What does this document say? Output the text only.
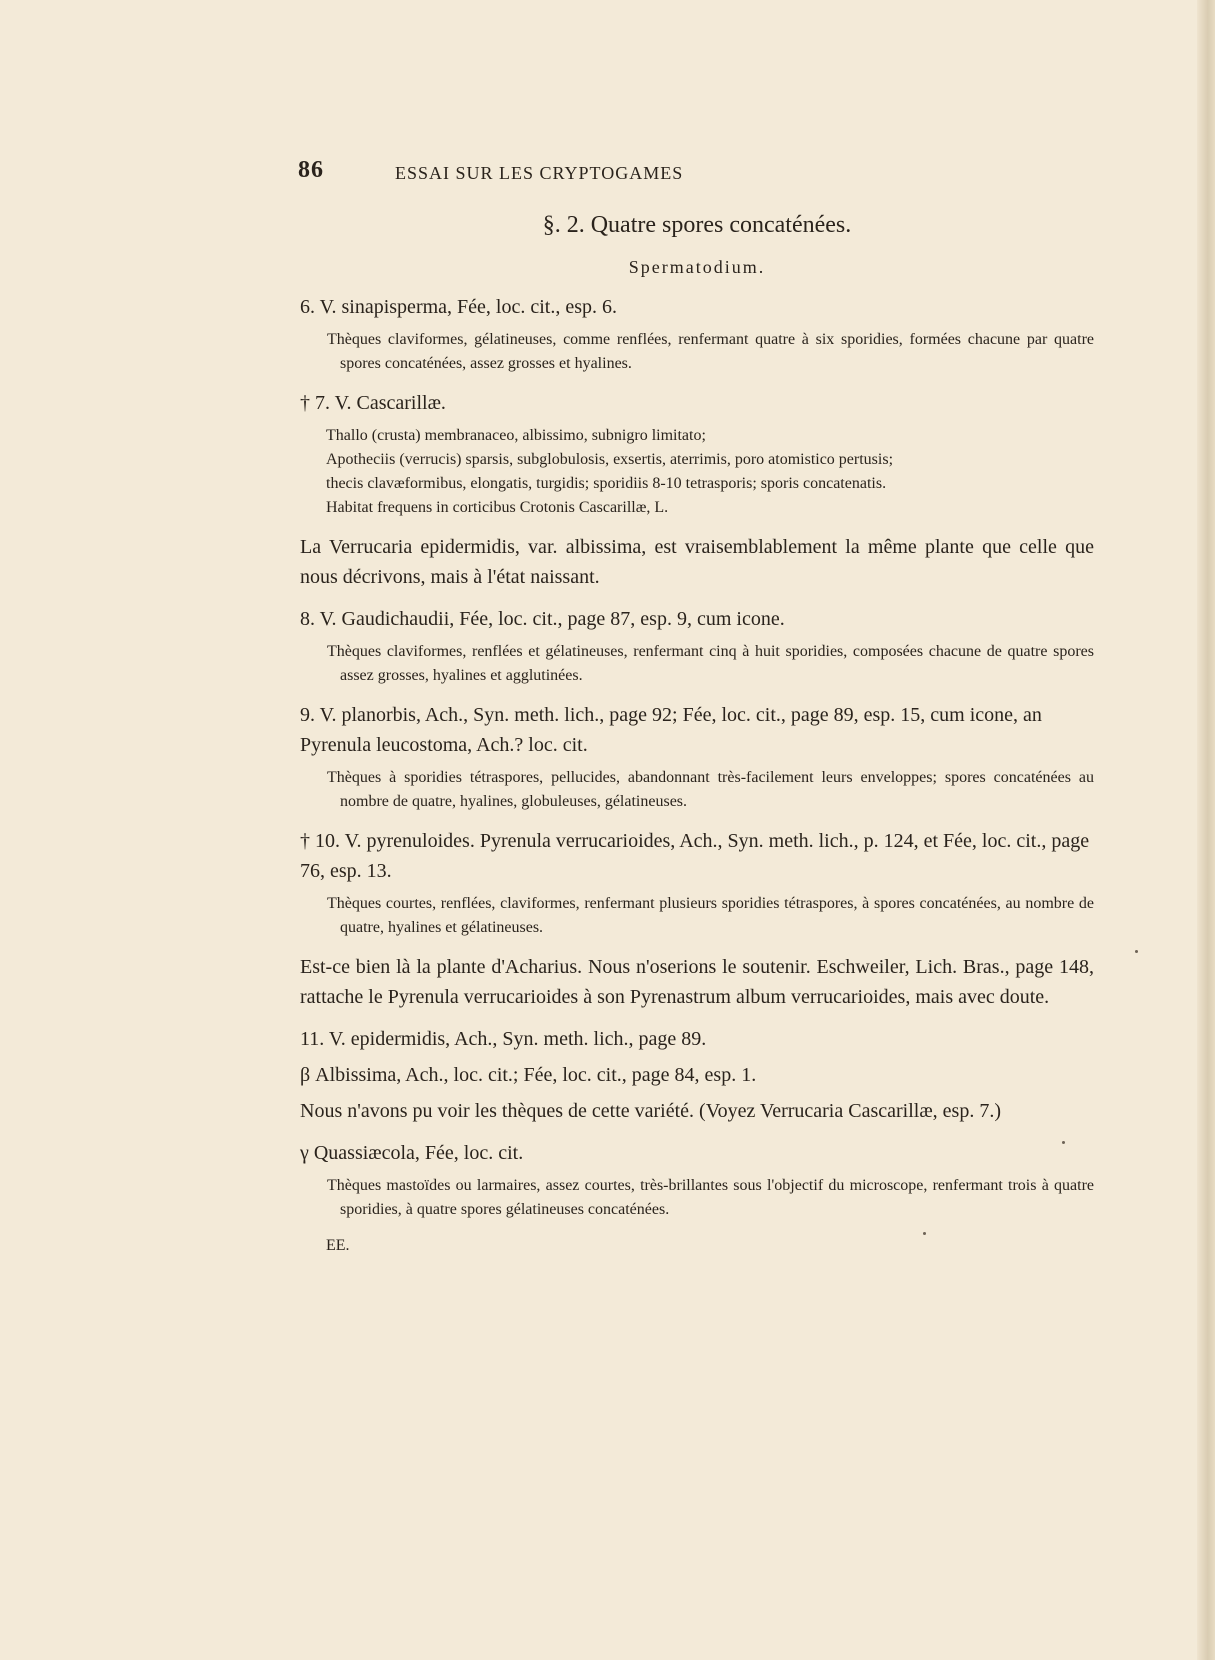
86	ESSAI SUR LES CRYPTOGAMES
§. 2. Quatre spores concaténées.
Spermatodium.
6. V. sinapisperma, Fée, loc. cit., esp. 6.
Thèques claviformes, gélatineuses, comme renflées, renfermant quatre à six sporidies, formées chacune par quatre spores concaténées, assez grosses et hyalines.
† 7. V. Cascarillæ.
Thallo (crusta) membranaceo, albissimo, subnigro limitato;
Apotheciis (verrucis) sparsis, subglobulosis, exsertis, aterrimis, poro atomistico pertusis;
thecis clavæformibus, elongatis, turgidis; sporidiis 8-10 tetrasporis; sporis concatenatis.
Habitat frequens in corticibus Crotonis Cascarillæ, L.
La Verrucaria epidermidis, var. albissima, est vraisemblablement la même plante que celle que nous décrivons, mais à l'état naissant.
8. V. Gaudichaudii, Fée, loc. cit., page 87, esp. 9, cum icone.
Thèques claviformes, renflées et gélatineuses, renfermant cinq à huit sporidies, composées chacune de quatre spores assez grosses, hyalines et agglutinées.
9. V. planorbis, Ach., Syn. meth. lich., page 92; Fée, loc. cit., page 89, esp. 15, cum icone, an Pyrenula leucostoma, Ach.? loc. cit.
Thèques à sporidies tétraspores, pellucides, abandonnant très-facilement leurs enveloppes; spores concaténées au nombre de quatre, hyalines, globuleuses, gélatineuses.
† 10. V. pyrenuloides. Pyrenula verrucarioides, Ach., Syn. meth. lich., p. 124, et Fée, loc. cit., page 76, esp. 13.
Thèques courtes, renflées, claviformes, renfermant plusieurs sporidies tétraspores, à spores concaténées, au nombre de quatre, hyalines et gélatineuses.
Est-ce bien là la plante d'Acharius. Nous n'oserions le soutenir. Eschweiler, Lich. Bras., page 148, rattache le Pyrenula verrucarioides à son Pyrenastrum album verrucarioides, mais avec doute.
11. V. epidermidis, Ach., Syn. meth. lich., page 89.
β Albissima, Ach., loc. cit.; Fée, loc. cit., page 84, esp. 1.
Nous n'avons pu voir les thèques de cette variété. (Voyez Verrucaria Cascarillæ, esp. 7.)
γ Quassiæcola, Fée, loc. cit.
Thèques mastoïdes ou larmaires, assez courtes, très-brillantes sous l'objectif du microscope, renfermant trois à quatre sporidies, à quatre spores gélatineuses concaténées.
EE.
